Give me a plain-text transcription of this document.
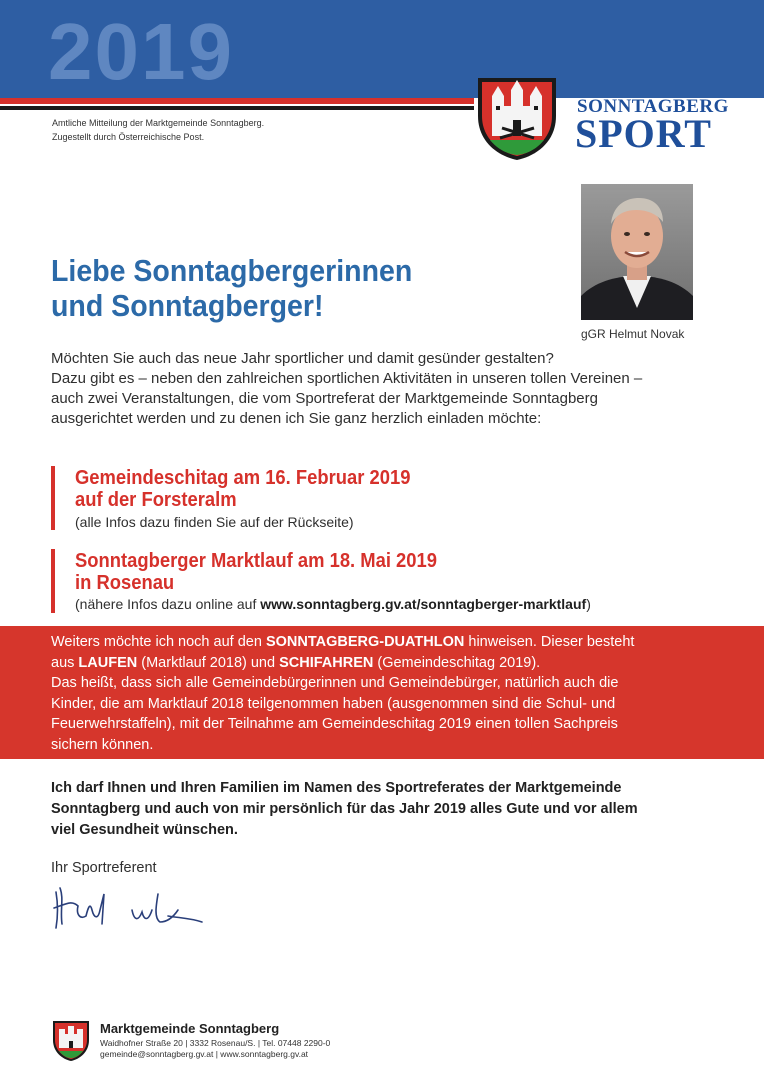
2019
Amtliche Mitteilung der Marktgemeinde Sonntagberg.
Zugestellt durch Österreichische Post.
SONNTAGBERG
SPORT
gGR Helmut Novak
Liebe Sonntagbergerinnen
und Sonntagberger!
Möchten Sie auch das neue Jahr sportlicher und damit gesünder gestalten?
Dazu gibt es – neben den zahlreichen sportlichen Aktivitäten in unseren tollen Vereinen –
auch zwei Veranstaltungen, die vom Sportreferat der Marktgemeinde Sonntagberg
ausgerichtet werden und zu denen ich Sie ganz herzlich einladen möchte:
Gemeindeschitag am 16. Februar 2019
auf der Forsteralm
(alle Infos dazu finden Sie auf der Rückseite)
Sonntagberger Marktlauf am 18. Mai 2019
in Rosenau
(nähere Infos dazu online auf www.sonntagberg.gv.at/sonntagberger-marktlauf)
Weiters möchte ich noch auf den SONNTAGBERG-DUATHLON hinweisen. Dieser besteht
aus LAUFEN (Marktlauf 2018) und SCHIFAHREN (Gemeindeschitag 2019).
Das heißt, dass sich alle Gemeindebürgerinnen und Gemeindebürger, natürlich auch die
Kinder, die am Marktlauf 2018 teilgenommen haben (ausgenommen sind die Schul- und
Feuerwehrstaffeln), mit der Teilnahme am Gemeindeschitag 2019 einen tollen Sachpreis
sichern können.
Ich darf Ihnen und Ihren Familien im Namen des Sportreferates der Marktgemeinde
Sonntagberg und auch von mir persönlich für das Jahr 2019 alles Gute und vor allem
viel Gesundheit wünschen.
Ihr Sportreferent
Marktgemeinde Sonntagberg
Waidhofner Straße 20 | 3332 Rosenau/S. | Tel. 07448 2290-0
gemeinde@sonntagberg.gv.at | www.sonntagberg.gv.at
